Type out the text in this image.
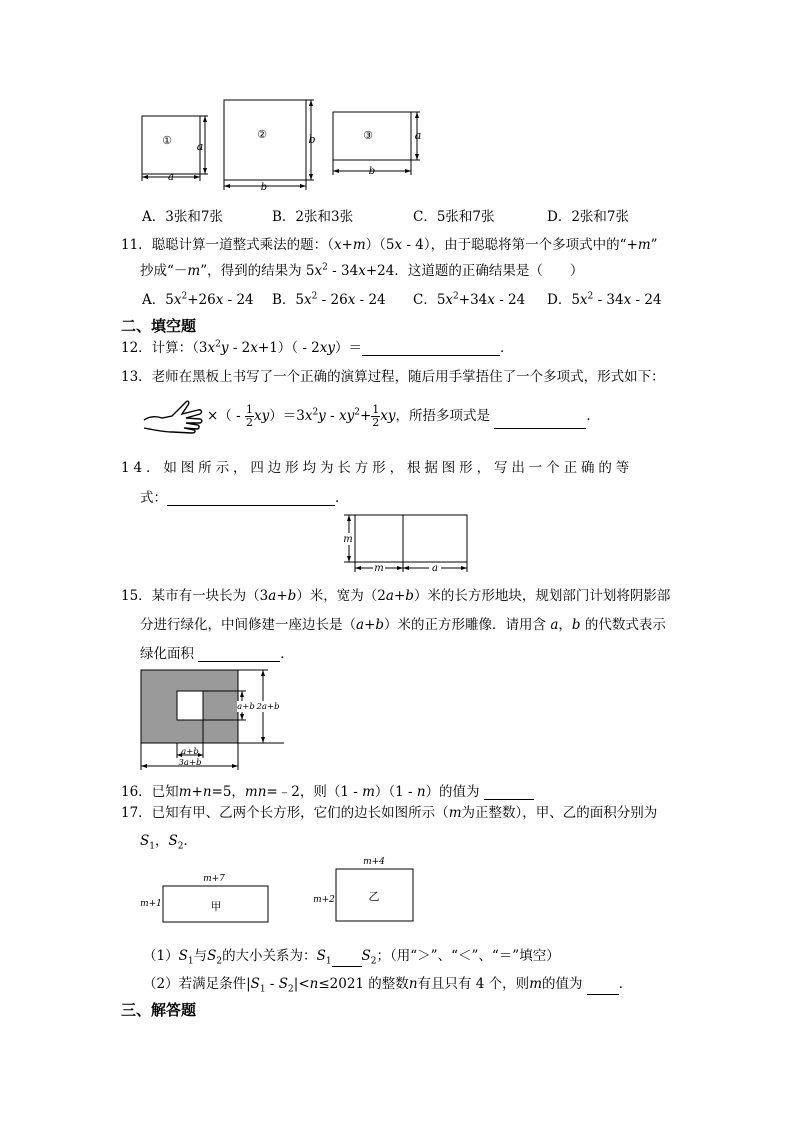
① a
a
②	b
b
③	a
b
A．3张和7张	B．2张和3张	C．5张和7张	D．2张和7张
11．聪聪计算一道整式乘法的题：（x+m）（5x - 4），由于聪聪将第一个多项式中的“+m”
抄成“－m”，得到的结果为 $5x^2 - 34x+24$．这道题的正确结果是（　　）
A．$5x^2+26x - 24$ B．$5x^2 - 26x - 24$ C．$5x^2+34x - 24$ D．$5x^2 - 34x - 24$
二、填空题
12．计算：$(3x^2y - 2x+1)( - 2xy)=$	．
13．老师在黑板上书写了一个正确的演算过程，随后用手掌捂住了一个多项式，形式如下：
×（ - $\frac{1}{2} xy)=3x^2y - xy^2+ \frac{1}{2}$ xy，所捂多项式是	．
14．如图所示，四边形均为长方形，根据图形，写出一个正确的等
式：	．
m
m	a
15．某市有一块长为（3a+b）米，宽为（2a+b）米的长方形地块，规划部门计划将阴影部
分进行绿化，中间修建一座边长是（a+b）米的正方形雕像．请用含 a，b 的代数式表示
绿化面积	．
a+b 2a+b
a+b
3a+b
16．已知m+n=5，mn=﹣2，则（1 - m）（1 - n）的值为
17．已知有甲、乙两个长方形，它们的边长如图所示（m为正整数），甲、乙的面积分别为
$S_1$，$S_2$．
m+7
m+1
m+4
m+2
甲
乙
$(1)S_1$与$S_2$的大小关系为：$S_1$ $S_2$；（用“＞”、“＜”、“＝”填空）
（2）若满足条件$|S_1 - S_2|<n\le 2021$ 的整数n有且只有 4 个，则m的值为	．
三、解答题
